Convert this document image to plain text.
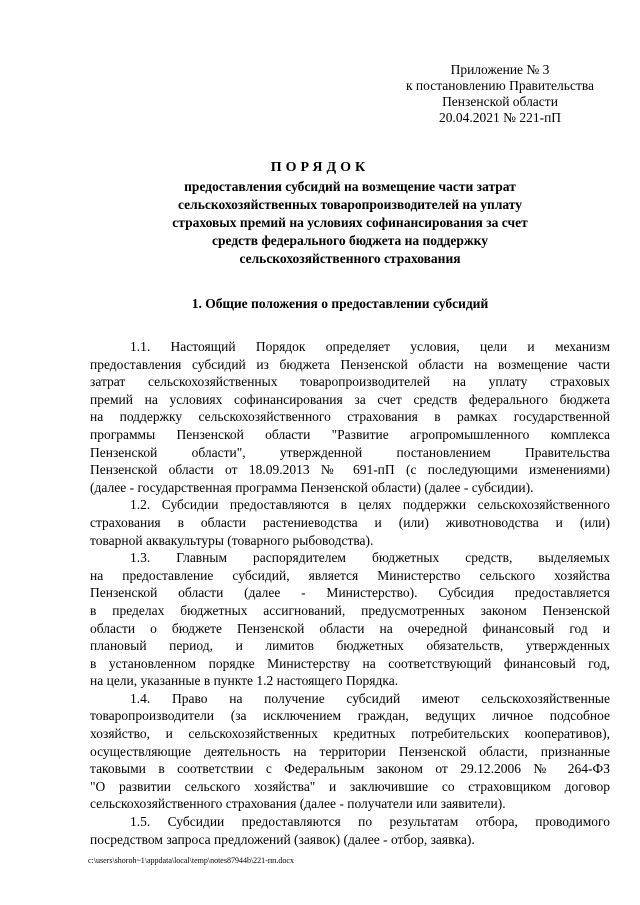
Приложение № 3
к постановлению Правительства
Пензенской области
20.04.2021 № 221-пП
ПОРЯДОК
предоставления субсидий на возмещение части затрат
сельскохозяйственных товаропроизводителей на уплату
страховых премий на условиях софинансирования за счет
средств федерального бюджета на поддержку
сельскохозяйственного страхования
1. Общие положения о предоставлении субсидий
1.1. Настоящий Порядок определяет условия, цели и механизм
предоставления субсидий из бюджета Пензенской области на возмещение части
затрат сельскохозяйственных товаропроизводителей на уплату страховых
премий на условиях софинансирования за счет средств федерального бюджета
на поддержку сельскохозяйственного страхования в рамках государственной
программы Пензенской области "Развитие агропромышленного комплекса
Пензенской области", утвержденной постановлением Правительства
Пензенской области от 18.09.2013 № 691-пП (с последующими изменениями)
(далее - государственная программа Пензенской области) (далее - субсидии).
1.2. Субсидии предоставляются в целях поддержки сельскохозяйственного
страхования в области растениеводства и (или) животноводства и (или)
товарной аквакультуры (товарного рыбоводства).
1.3. Главным распорядителем бюджетных средств, выделяемых
на предоставление субсидий, является Министерство сельского хозяйства
Пензенской области (далее - Министерство). Субсидия предоставляется
в пределах бюджетных ассигнований, предусмотренных законом Пензенской
области о бюджете Пензенской области на очередной финансовый год и
плановый период, и лимитов бюджетных обязательств, утвержденных
в установленном порядке Министерству на соответствующий финансовый год,
на цели, указанные в пункте 1.2 настоящего Порядка.
1.4. Право на получение субсидий имеют сельскохозяйственные
товаропроизводители (за исключением граждан, ведущих личное подсобное
хозяйство, и сельскохозяйственных кредитных потребительских кооперативов),
осуществляющие деятельность на территории Пензенской области, признанные
таковыми в соответствии с Федеральным законом от 29.12.2006 № 264-ФЗ
"О развитии сельского хозяйства" и заключившие со страховщиком договор
сельскохозяйственного страхования (далее - получатели или заявители).
1.5. Субсидии предоставляются по результатам отбора, проводимого
посредством запроса предложений (заявок) (далее - отбор, заявка).
c:\users\shoroh~1\appdata\local\temp\notes87944b\221-пп.docx
